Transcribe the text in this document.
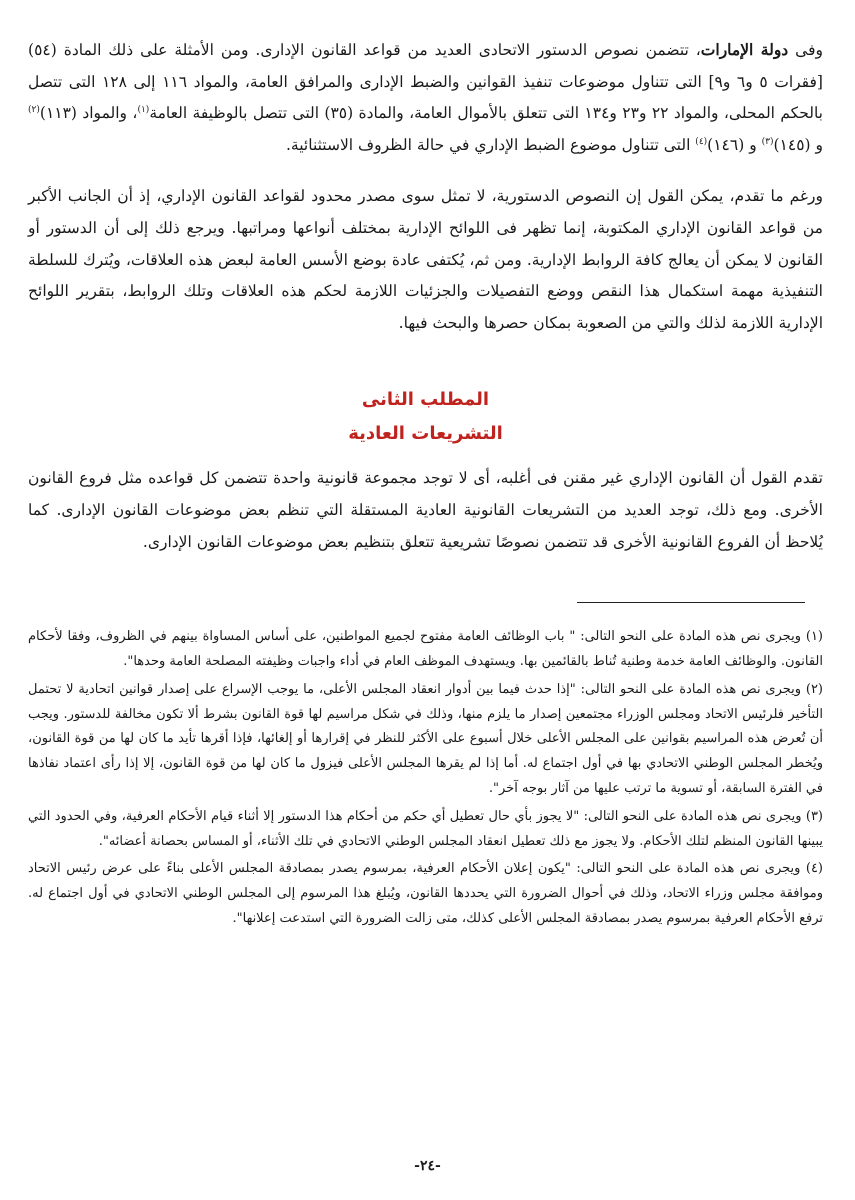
وفى دولة الإمارات، تتضمن نصوص الدستور الاتحادى العديد من قواعد القانون الإدارى. ومن الأمثلة على ذلك المادة (٥٤) [فقرات ٥ و٦ و٩] التى تتناول موضوعات تنفيذ القوانين والضبط الإدارى والمرافق العامة، والمواد ١١٦ إلى ١٢٨ التى تتصل بالحكم المحلى، والمواد ٢٢ و٢٣ و١٣٤ التى تتعلق بالأموال العامة، والمادة (٣٥) التى تتصل بالوظيفة العامة$^{(١)}$، والمواد (١١٣)$^{(٢)}$ و (١٤٥)$^{(٣)}$ و (١٤٦)$^{(٤)}$ التى تتناول موضوع الضبط الإداري في حالة الظروف الاستثنائية.

ورغم ما تقدم، يمكن القول إن النصوص الدستورية، لا تمثل سوى مصدر محدود لقواعد القانون الإداري، إذ أن الجانب الأكبر من قواعد القانون الإداري المكتوبة، إنما تظهر فى اللوائح الإدارية بمختلف أنواعها ومراتبها. ويرجع ذلك إلى أن الدستور أو القانون لا يمكن أن يعالج كافة الروابط الإدارية. ومن ثم، يُكتفى عادة بوضع الأسس العامة لبعض هذه العلاقات، ويُترك للسلطة التنفيذية مهمة استكمال هذا النقص ووضع التفصيلات والجزئيات اللازمة لحكم هذه العلاقات وتلك الروابط، بتقرير اللوائح الإدارية اللازمة لذلك والتي من الصعوبة بمكان حصرها والبحث فيها.

المطلب الثانى
التشريعات العادية

تقدم القول أن القانون الإداري غير مقنن فى أغلبه، أى لا توجد مجموعة قانونية واحدة تتضمن كل قواعده مثل فروع القانون الأخرى. ومع ذلك، توجد العديد من التشريعات القانونية العادية المستقلة التي تنظم بعض موضوعات القانون الإدارى. كما يُلاحظ أن الفروع القانونية الأخرى قد تتضمن نصوصًا تشريعية تتعلق بتنظيم بعض موضوعات القانون الإدارى.

(١) ويجرى نص هذه المادة على النحو التالى: " باب الوظائف العامة مفتوح لجميع المواطنين، على أساس المساواة بينهم في الظروف، وفقا لأحكام القانون. والوظائف العامة خدمة وطنية تُناط بالقائمين بها. ويستهدف الموظف العام في أداء واجبات وظيفته المصلحة العامة وحدها".

(٢) ويجرى نص هذه المادة على النحو التالى: "إذا حدث فيما بين أدوار انعقاد المجلس الأعلى، ما يوجب الإسراع على إصدار قوانين اتحادية لا تحتمل التأخير فلرئيس الاتحاد ومجلس الوزراء مجتمعين إصدار ما يلزم منها، وذلك في شكل مراسيم لها قوة القانون بشرط ألا تكون مخالفة للدستور. ويجب أن تُعرض هذه المراسيم بقوانين على المجلس الأعلى خلال أسبوع على الأكثر للنظر في إقرارها أو إلغائها، فإذا أقرها تأيد ما كان لها من قوة القانون، ويُخطر المجلس الوطني الاتحادي بها في أول اجتماع له. أما إذا لم يقرها المجلس الأعلى فيزول ما كان لها من قوة القانون، إلا إذا رأى اعتماد نفاذها في الفترة السابقة، أو تسوية ما ترتب عليها من آثار بوجه آخر".

(٣) ويجرى نص هذه المادة على النحو التالى: "لا يجوز بأي حال تعطيل أي حكم من أحكام هذا الدستور إلا أثناء قيام الأحكام العرفية، وفي الحدود التي يبينها القانون المنظم لتلك الأحكام. ولا يجوز مع ذلك تعطيل انعقاد المجلس الوطني الاتحادي في تلك الأثناء، أو المساس بحصانة أعضائه".

(٤) ويجرى نص هذه المادة على النحو التالى: "يكون إعلان الأحكام العرفية، بمرسوم يصدر بمصادقة المجلس الأعلى بناءً على عرض رئيس الاتحاد وموافقة مجلس وزراء الاتحاد، وذلك في أحوال الضرورة التي يحددها القانون، ويُبلغ هذا المرسوم إلى المجلس الوطني الاتحادي في أول اجتماع له. ترفع الأحكام العرفية بمرسوم يصدر بمصادقة المجلس الأعلى كذلك، متى زالت الضرورة التي استدعت إعلانها".

-٢٤-
